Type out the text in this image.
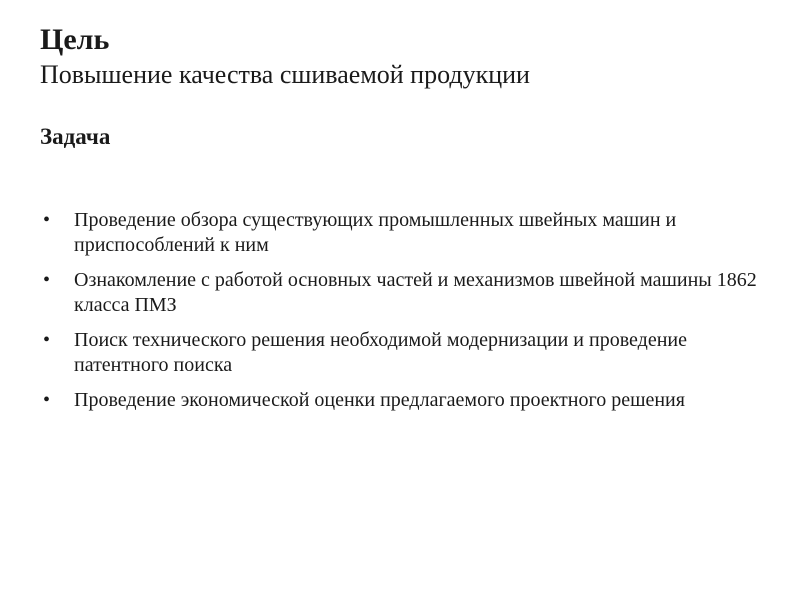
Цель

Повышение качества сшиваемой продукции

Задача
• Проведение обзора существующих промышленных швейных машин и приспособлений к ним
• Ознакомление с работой основных частей и механизмов швейной машины 1862 класса ПМЗ
• Поиск технического решения необходимой модернизации и проведение патентного поиска
• Проведение экономической оценки предлагаемого проектного решения
